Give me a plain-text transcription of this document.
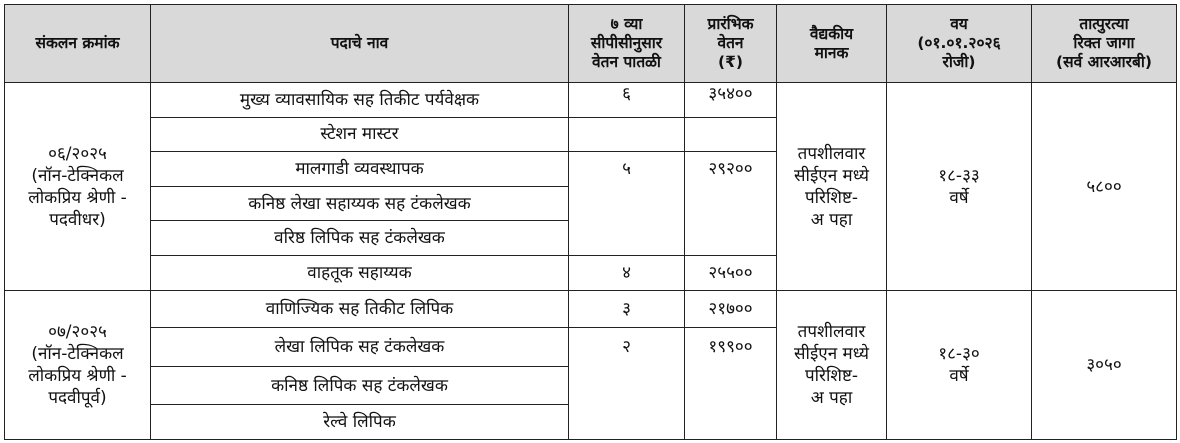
संकलन क्रमांक	पदाचे नाव	७ व्या
सीपीसीनुसार
वेतन पातळी	प्रारंभिक
वेतन
(₹)	वैद्यकीय
मानक	वय
(०१.०१.२०२६
रोजी)	तात्पुरत्या
रिक्त जागा
(सर्व आरआरबी)
०६/२०२५
(नॉन-टेक्निकल
लोकप्रिय श्रेणी -
पदवीधर)	मुख्य व्यावसायिक सह तिकीट पर्यवेक्षक	६	३५४००	तपशीलवार
सीईएन मध्ये
परिशिष्ट-
अ पहा	१८-३३
वर्षे	५८००
	स्टेशन मास्टर					
	मालगाडी व्यवस्थापक	५	२९२००			
	कनिष्ठ लेखा सहाय्यक सह टंकलेखक					
	वरिष्ठ लिपिक सह टंकलेखक					
	वाहतूक सहाय्यक	४	२५५००			
०७/२०२५
(नॉन-टेक्निकल
लोकप्रिय श्रेणी -
पदवीपूर्व)	वाणिज्यिक सह तिकीट लिपिक	३	२१७००	तपशीलवार
सीईएन मध्ये
परिशिष्ट-
अ पहा	१८-३०
वर्षे	३०५०
	लेखा लिपिक सह टंकलेखक	२	१९९००			
	कनिष्ठ लिपिक सह टंकलेखक					
	रेल्वे लिपिक					
